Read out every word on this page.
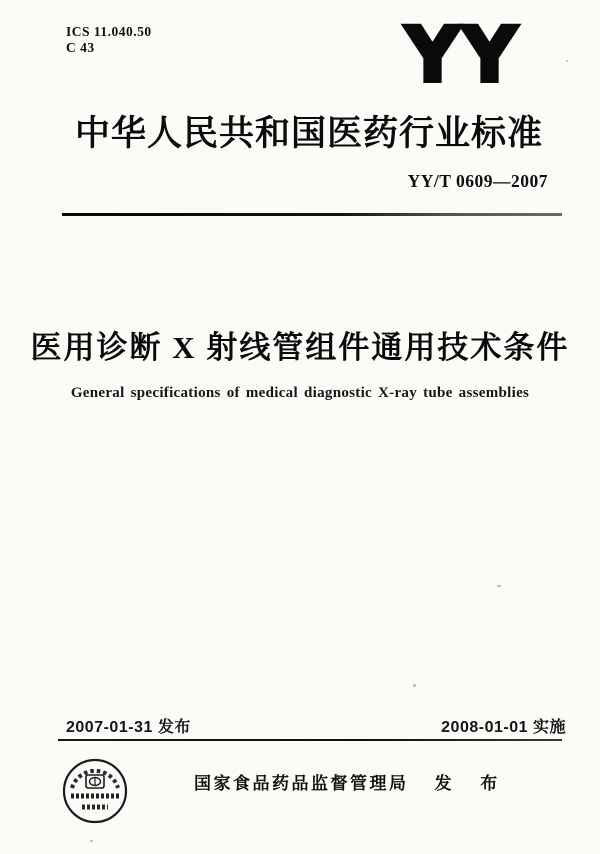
ICS 11.040.50
C 43	YY
中华人民共和国医药行业标准
YY/T 0609—2007
医用诊断 X 射线管组件通用技术条件
General specifications of medical diagnostic X-ray tube assemblies
2007-01-31 发布	2008-01-01 实施
国家食品药品监督管理局 发 布
